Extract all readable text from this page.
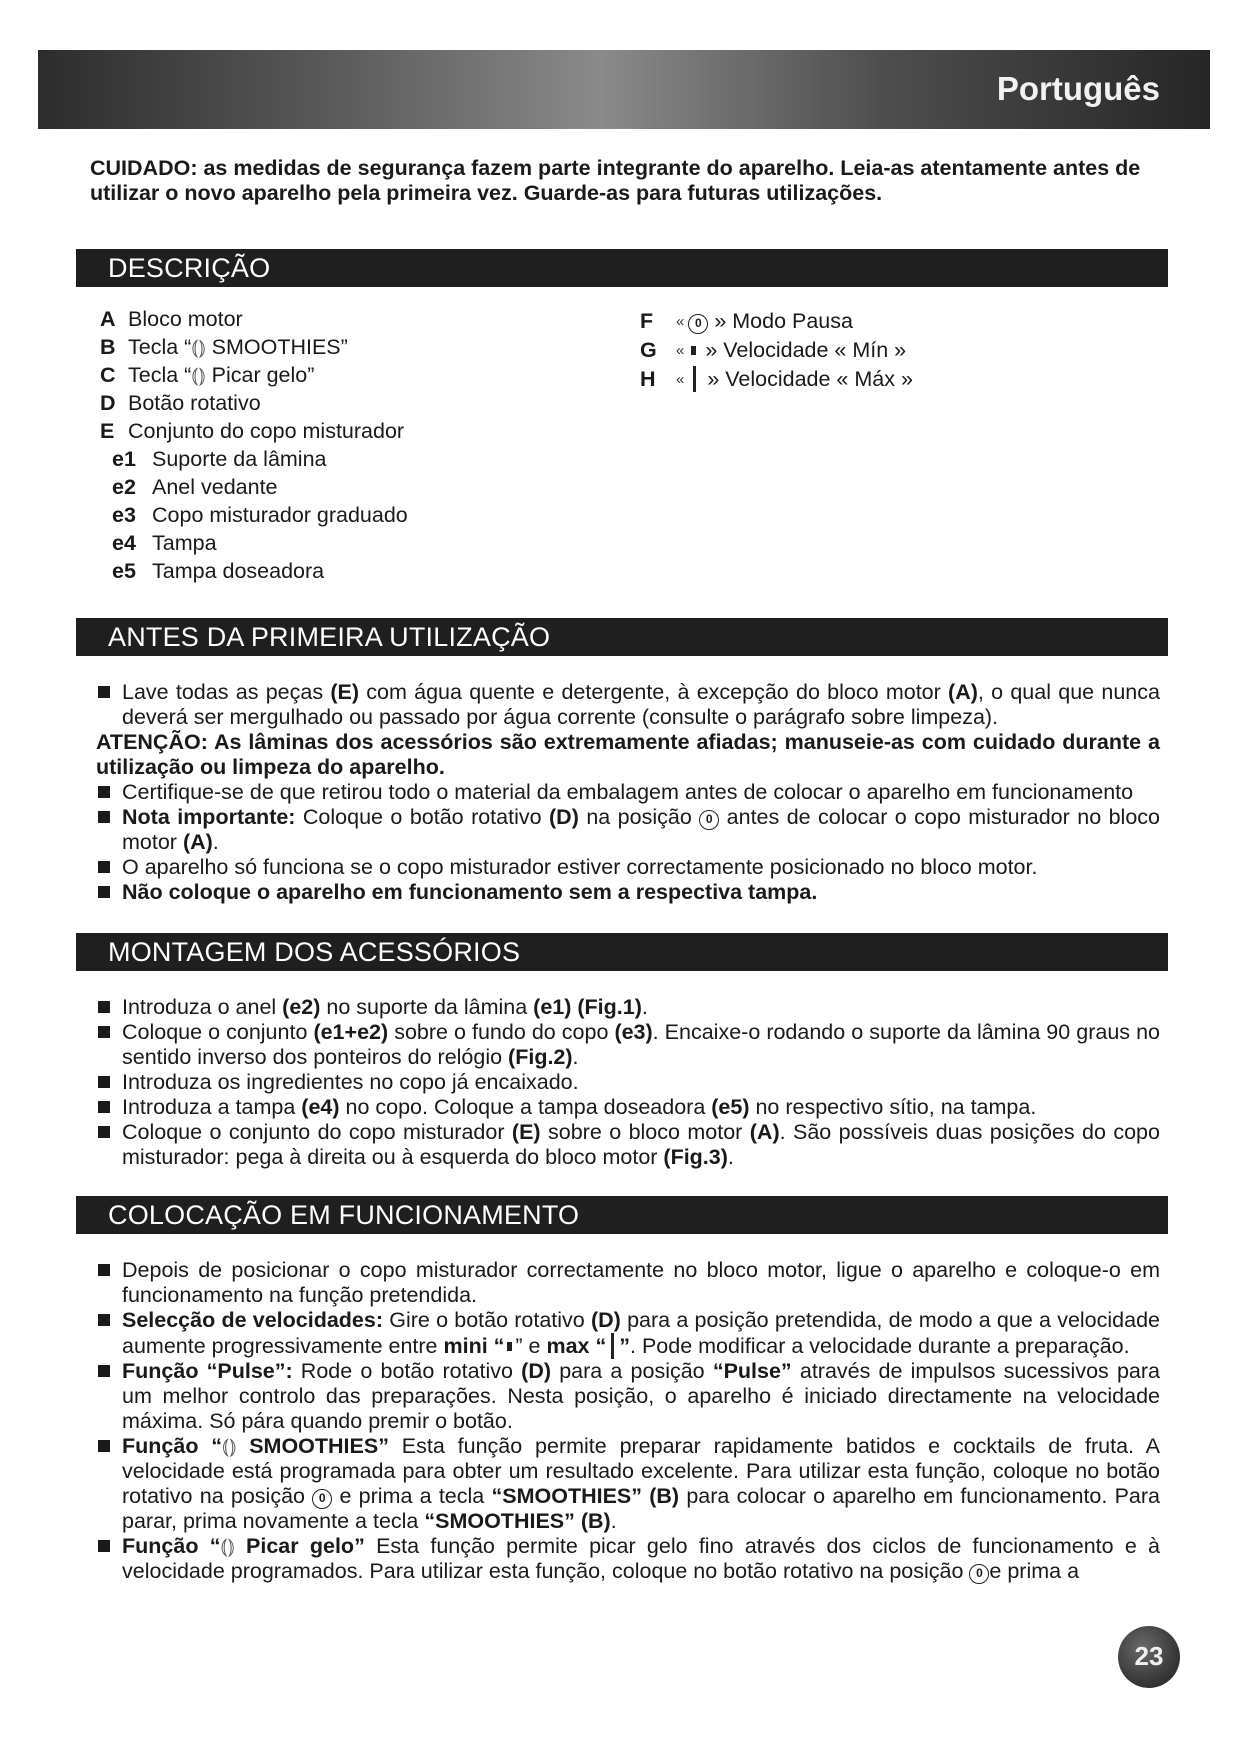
Português
CUIDADO: as medidas de segurança fazem parte integrante do aparelho. Leia-as atentamente antes de utilizar o novo aparelho pela primeira vez. Guarde-as para futuras utilizações.
DESCRIÇÃO
A Bloco motor
B Tecla “⦅⦆ SMOOTHIES”
C Tecla “⦅⦆ Picar gelo”
D Botão rotativo
E Conjunto do copo misturador
e1 Suporte da lâmina
e2 Anel vedante
e3 Copo misturador graduado
e4 Tampa
e5 Tampa doseadora
F « 0 » Modo Pausa
G « » Velocidade « Mín »
H « » Velocidade « Máx »
ANTES DA PRIMEIRA UTILIZAÇÃO
Lave todas as peças (E) com água quente e detergente, à excepção do bloco motor (A), o qual que nunca deverá ser mergulhado ou passado por água corrente (consulte o parágrafo sobre limpeza).
ATENÇÃO: As lâminas dos acessórios são extremamente afiadas; manuseie-as com cuidado durante a utilização ou limpeza do aparelho.
Certifique-se de que retirou todo o material da embalagem antes de colocar o aparelho em funcionamento
Nota importante: Coloque o botão rotativo (D) na posição 0 antes de colocar o copo misturador no bloco motor (A).
O aparelho só funciona se o copo misturador estiver correctamente posicionado no bloco motor.
Não coloque o aparelho em funcionamento sem a respectiva tampa.
MONTAGEM DOS ACESSÓRIOS
Introduza o anel (e2) no suporte da lâmina (e1) (Fig.1).
Coloque o conjunto (e1+e2) sobre o fundo do copo (e3). Encaixe-o rodando o suporte da lâmina 90 graus no sentido inverso dos ponteiros do relógio (Fig.2).
Introduza os ingredientes no copo já encaixado.
Introduza a tampa (e4) no copo. Coloque a tampa doseadora (e5) no respectivo sítio, na tampa.
Coloque o conjunto do copo misturador (E) sobre o bloco motor (A). São possíveis duas posições do copo misturador: pega à direita ou à esquerda do bloco motor (Fig.3).
COLOCAÇÃO EM FUNCIONAMENTO
Depois de posicionar o copo misturador correctamente no bloco motor, ligue o aparelho e coloque-o em funcionamento na função pretendida.
Selecção de velocidades: Gire o botão rotativo (D) para a posição pretendida, de modo a que a velocidade aumente progressivamente entre mini “ ” e max “ ”. Pode modificar a velocidade durante a preparação.
Função “Pulse”: Rode o botão rotativo (D) para a posição “Pulse” através de impulsos sucessivos para um melhor controlo das preparações. Nesta posição, o aparelho é iniciado directamente na velocidade máxima. Só pára quando premir o botão.
Função “⦅⦆ SMOOTHIES” Esta função permite preparar rapidamente batidos e cocktails de fruta. A velocidade está programada para obter um resultado excelente. Para utilizar esta função, coloque no botão rotativo na posição 0 e prima a tecla “SMOOTHIES” (B) para colocar o aparelho em funcionamento. Para parar, prima novamente a tecla “SMOOTHIES” (B).
Função “⦅⦆ Picar gelo” Esta função permite picar gelo fino através dos ciclos de funcionamento e à velocidade programados. Para utilizar esta função, coloque no botão rotativo na posição 0 e prima a
23
